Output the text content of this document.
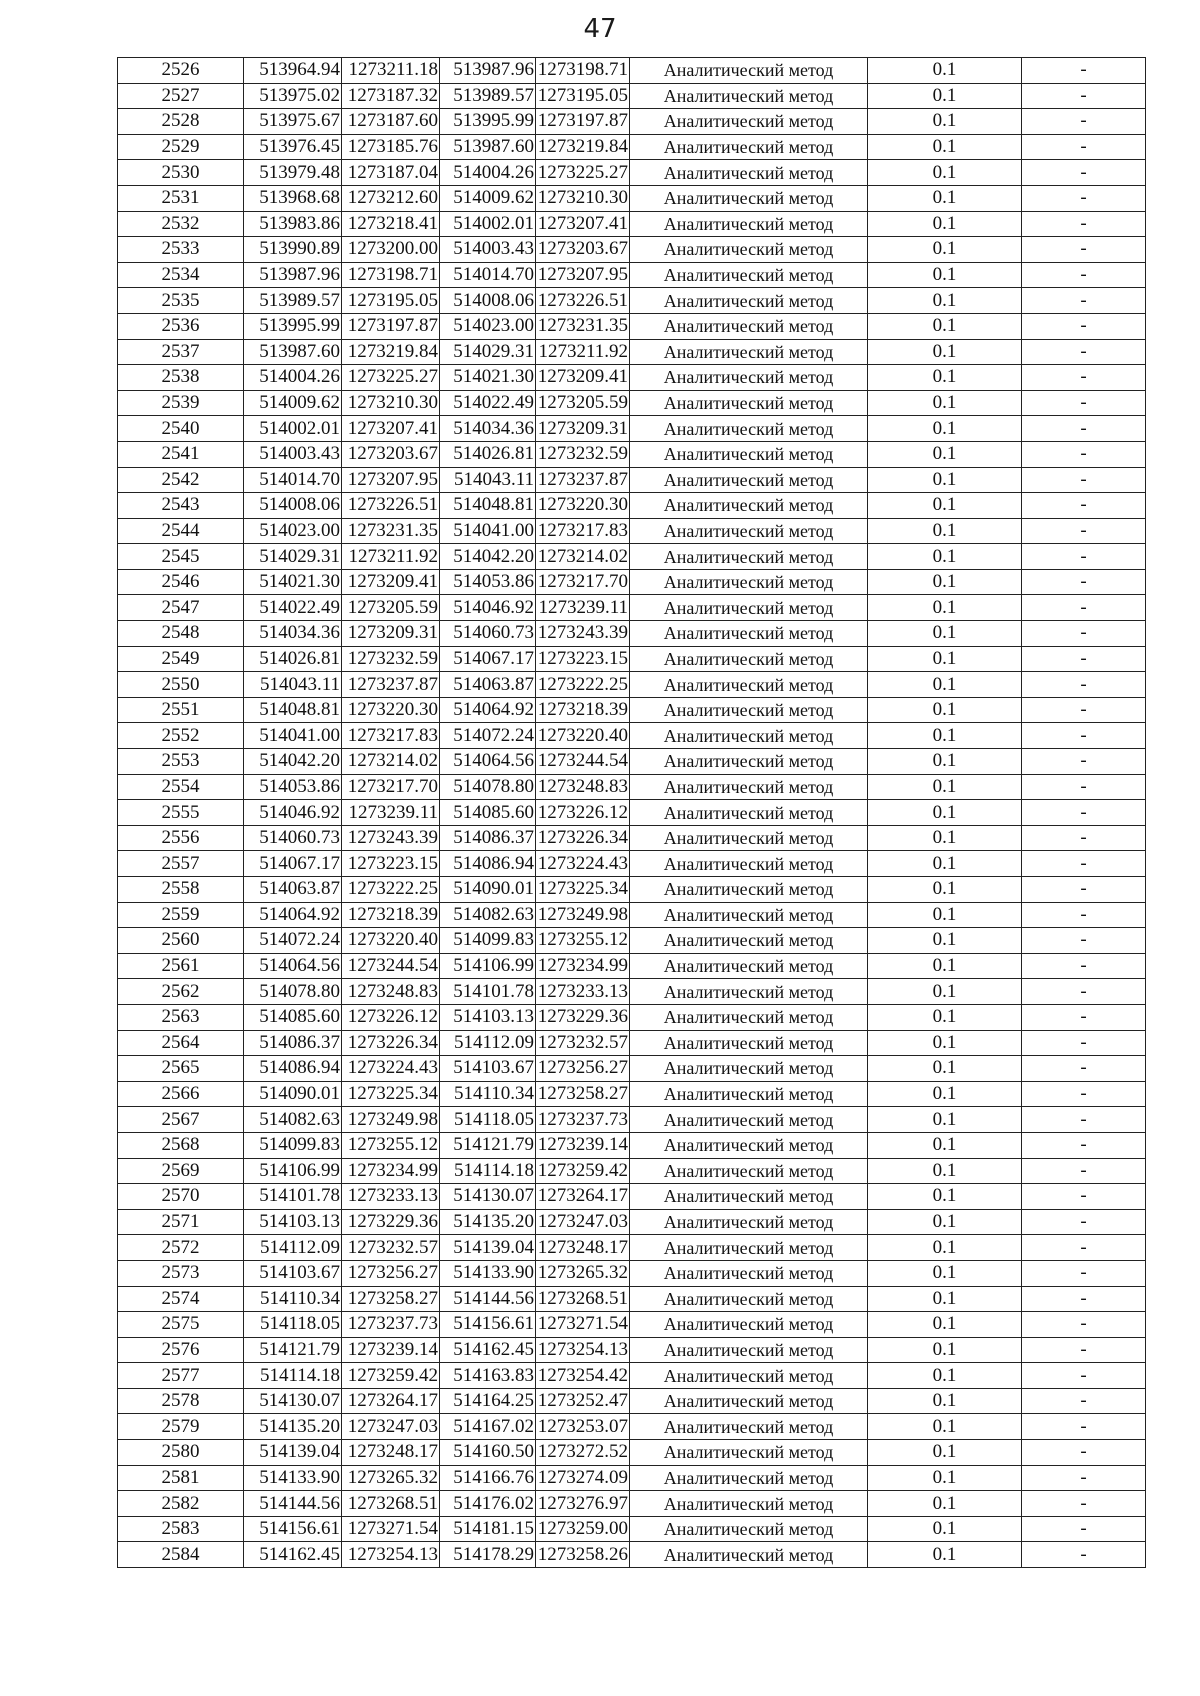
47
2526	513964.94	1273211.18	513987.96	1273198.71	Аналитический метод	0.1	-
2527	513975.02	1273187.32	513989.57	1273195.05	Аналитический метод	0.1	-
2528	513975.67	1273187.60	513995.99	1273197.87	Аналитический метод	0.1	-
2529	513976.45	1273185.76	513987.60	1273219.84	Аналитический метод	0.1	-
2530	513979.48	1273187.04	514004.26	1273225.27	Аналитический метод	0.1	-
2531	513968.68	1273212.60	514009.62	1273210.30	Аналитический метод	0.1	-
2532	513983.86	1273218.41	514002.01	1273207.41	Аналитический метод	0.1	-
2533	513990.89	1273200.00	514003.43	1273203.67	Аналитический метод	0.1	-
2534	513987.96	1273198.71	514014.70	1273207.95	Аналитический метод	0.1	-
2535	513989.57	1273195.05	514008.06	1273226.51	Аналитический метод	0.1	-
2536	513995.99	1273197.87	514023.00	1273231.35	Аналитический метод	0.1	-
2537	513987.60	1273219.84	514029.31	1273211.92	Аналитический метод	0.1	-
2538	514004.26	1273225.27	514021.30	1273209.41	Аналитический метод	0.1	-
2539	514009.62	1273210.30	514022.49	1273205.59	Аналитический метод	0.1	-
2540	514002.01	1273207.41	514034.36	1273209.31	Аналитический метод	0.1	-
2541	514003.43	1273203.67	514026.81	1273232.59	Аналитический метод	0.1	-
2542	514014.70	1273207.95	514043.11	1273237.87	Аналитический метод	0.1	-
2543	514008.06	1273226.51	514048.81	1273220.30	Аналитический метод	0.1	-
2544	514023.00	1273231.35	514041.00	1273217.83	Аналитический метод	0.1	-
2545	514029.31	1273211.92	514042.20	1273214.02	Аналитический метод	0.1	-
2546	514021.30	1273209.41	514053.86	1273217.70	Аналитический метод	0.1	-
2547	514022.49	1273205.59	514046.92	1273239.11	Аналитический метод	0.1	-
2548	514034.36	1273209.31	514060.73	1273243.39	Аналитический метод	0.1	-
2549	514026.81	1273232.59	514067.17	1273223.15	Аналитический метод	0.1	-
2550	514043.11	1273237.87	514063.87	1273222.25	Аналитический метод	0.1	-
2551	514048.81	1273220.30	514064.92	1273218.39	Аналитический метод	0.1	-
2552	514041.00	1273217.83	514072.24	1273220.40	Аналитический метод	0.1	-
2553	514042.20	1273214.02	514064.56	1273244.54	Аналитический метод	0.1	-
2554	514053.86	1273217.70	514078.80	1273248.83	Аналитический метод	0.1	-
2555	514046.92	1273239.11	514085.60	1273226.12	Аналитический метод	0.1	-
2556	514060.73	1273243.39	514086.37	1273226.34	Аналитический метод	0.1	-
2557	514067.17	1273223.15	514086.94	1273224.43	Аналитический метод	0.1	-
2558	514063.87	1273222.25	514090.01	1273225.34	Аналитический метод	0.1	-
2559	514064.92	1273218.39	514082.63	1273249.98	Аналитический метод	0.1	-
2560	514072.24	1273220.40	514099.83	1273255.12	Аналитический метод	0.1	-
2561	514064.56	1273244.54	514106.99	1273234.99	Аналитический метод	0.1	-
2562	514078.80	1273248.83	514101.78	1273233.13	Аналитический метод	0.1	-
2563	514085.60	1273226.12	514103.13	1273229.36	Аналитический метод	0.1	-
2564	514086.37	1273226.34	514112.09	1273232.57	Аналитический метод	0.1	-
2565	514086.94	1273224.43	514103.67	1273256.27	Аналитический метод	0.1	-
2566	514090.01	1273225.34	514110.34	1273258.27	Аналитический метод	0.1	-
2567	514082.63	1273249.98	514118.05	1273237.73	Аналитический метод	0.1	-
2568	514099.83	1273255.12	514121.79	1273239.14	Аналитический метод	0.1	-
2569	514106.99	1273234.99	514114.18	1273259.42	Аналитический метод	0.1	-
2570	514101.78	1273233.13	514130.07	1273264.17	Аналитический метод	0.1	-
2571	514103.13	1273229.36	514135.20	1273247.03	Аналитический метод	0.1	-
2572	514112.09	1273232.57	514139.04	1273248.17	Аналитический метод	0.1	-
2573	514103.67	1273256.27	514133.90	1273265.32	Аналитический метод	0.1	-
2574	514110.34	1273258.27	514144.56	1273268.51	Аналитический метод	0.1	-
2575	514118.05	1273237.73	514156.61	1273271.54	Аналитический метод	0.1	-
2576	514121.79	1273239.14	514162.45	1273254.13	Аналитический метод	0.1	-
2577	514114.18	1273259.42	514163.83	1273254.42	Аналитический метод	0.1	-
2578	514130.07	1273264.17	514164.25	1273252.47	Аналитический метод	0.1	-
2579	514135.20	1273247.03	514167.02	1273253.07	Аналитический метод	0.1	-
2580	514139.04	1273248.17	514160.50	1273272.52	Аналитический метод	0.1	-
2581	514133.90	1273265.32	514166.76	1273274.09	Аналитический метод	0.1	-
2582	514144.56	1273268.51	514176.02	1273276.97	Аналитический метод	0.1	-
2583	514156.61	1273271.54	514181.15	1273259.00	Аналитический метод	0.1	-
2584	514162.45	1273254.13	514178.29	1273258.26	Аналитический метод	0.1	-
